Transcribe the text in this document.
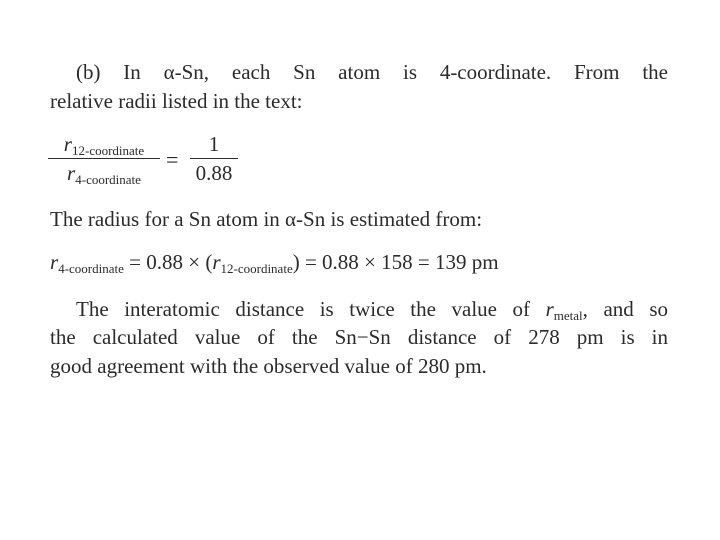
(b) In α-Sn, each Sn atom is 4-coordinate. From the
relative radii listed in the text:
$r_{12-coordinate}$
$r_{4-coordinate}$
=
1
0.88
The radius for a Sn atom in α-Sn is estimated from:
$r_{4-coordinate} = 0.88 \times (r_{12-coordinate}) = 0.88 \times 158 = 139$ pm
The interatomic distance is twice the value of $r_{metal}$, and so
the calculated value of the Sn−Sn distance of 278 pm is in
good agreement with the observed value of 280 pm.
